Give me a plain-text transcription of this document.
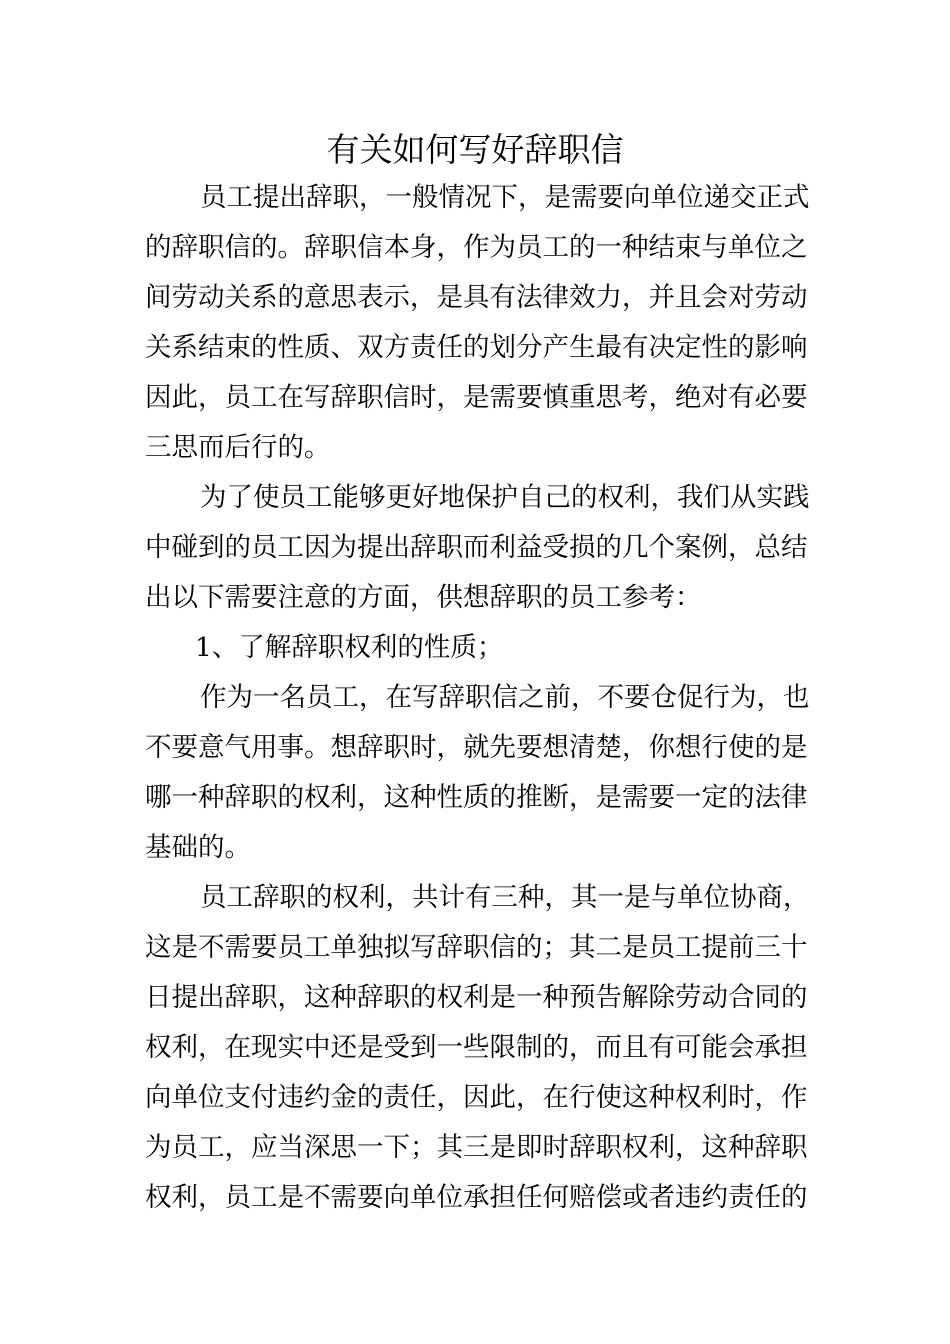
有关如何写好辞职信

员工提出辞职，一般情况下，是需要向单位递交正式

的辞职信的。辞职信本身，作为员工的一种结束与单位之

间劳动关系的意思表示，是具有法律效力，并且会对劳动

关系结束的性质、双方责任的划分产生最有决定性的影响

因此，员工在写辞职信时，是需要慎重思考，绝对有必要

三思而后行的。

为了使员工能够更好地保护自己的权利，我们从实践

中碰到的员工因为提出辞职而利益受损的几个案例，总结

出以下需要注意的方面，供想辞职的员工参考：

1、了解辞职权利的性质；

作为一名员工，在写辞职信之前，不要仓促行为，也

不要意气用事。想辞职时，就先要想清楚，你想行使的是

哪一种辞职的权利，这种性质的推断，是需要一定的法律

基础的。

员工辞职的权利，共计有三种，其一是与单位协商，

这是不需要员工单独拟写辞职信的；其二是员工提前三十

日提出辞职，这种辞职的权利是一种预告解除劳动合同的

权利，在现实中还是受到一些限制的，而且有可能会承担

向单位支付违约金的责任，因此，在行使这种权利时，作

为员工，应当深思一下；其三是即时辞职权利，这种辞职

权利，员工是不需要向单位承担任何赔偿或者违约责任的
